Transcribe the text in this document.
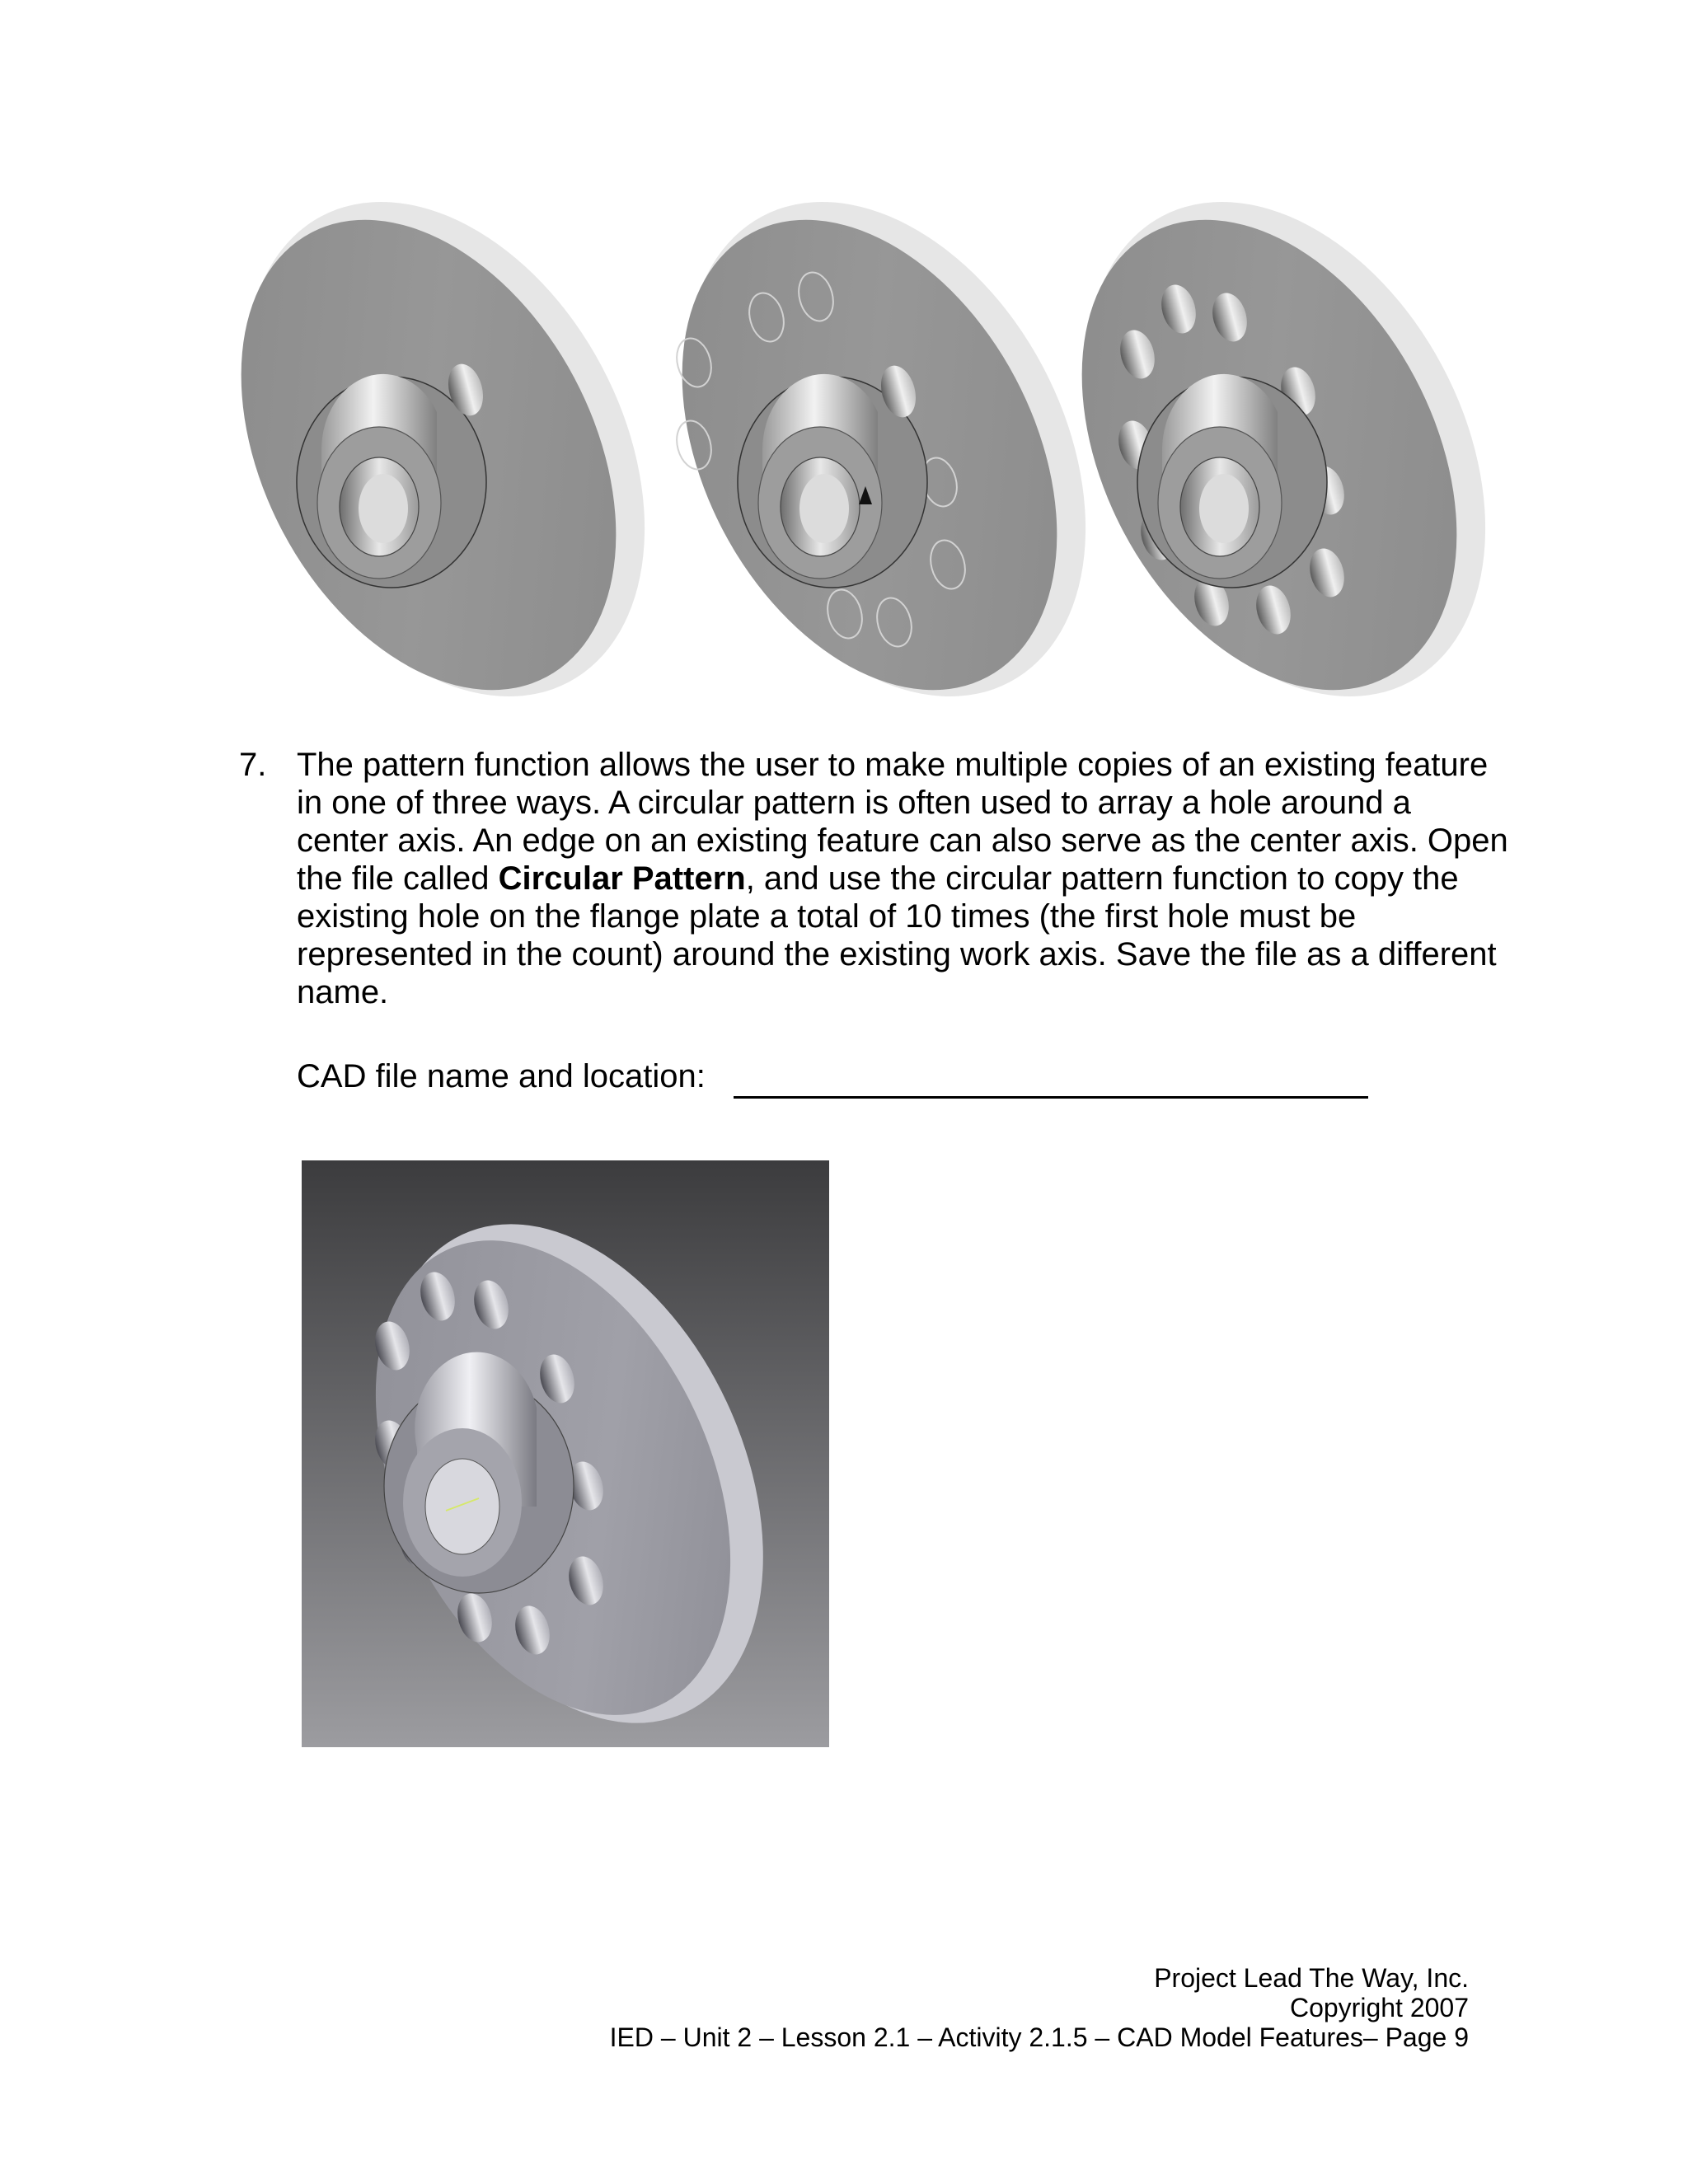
7. The pattern function allows the user to make multiple copies of an existing feature in one of three ways. A circular pattern is often used to array a hole around a center axis. An edge on an existing feature can also serve as the center axis. Open the file called Circular Pattern, and use the circular pattern function to copy the existing hole on the flange plate a total of 10 times (the first hole must be represented in the count) around the existing work axis. Save the file as a different name.
CAD file name and location:
Project Lead The Way, Inc.
Copyright 2007
IED – Unit 2 – Lesson 2.1 – Activity 2.1.5 – CAD Model Features– Page 9
